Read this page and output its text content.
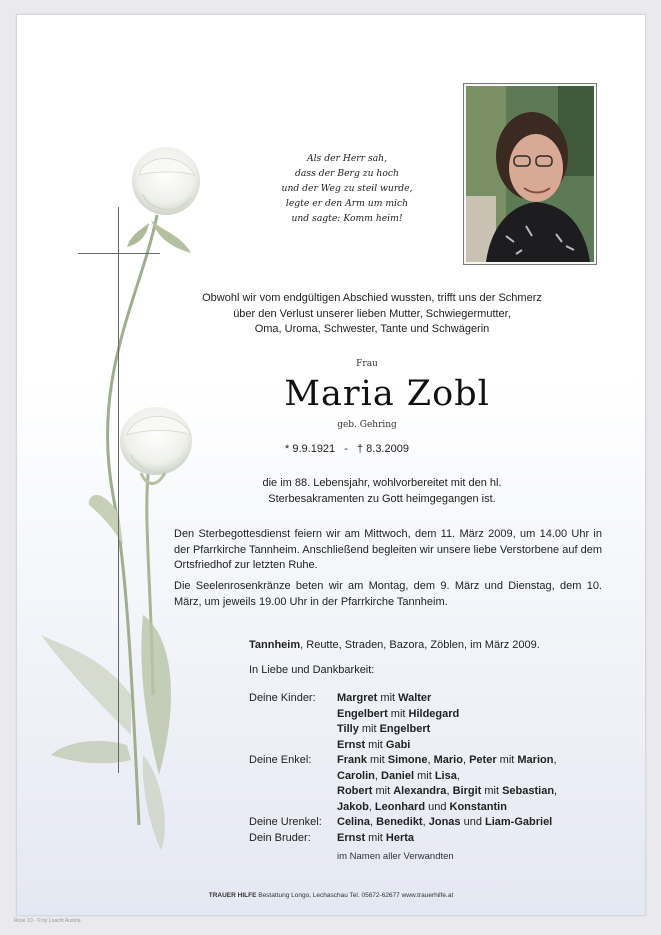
Als der Herr sah,
dass der Berg zu hoch
und der Weg zu steil wurde,
legte er den Arm um mich
und sagte: Komm heim!
Obwohl wir vom endgültigen Abschied wussten, trifft uns der Schmerz
über den Verlust unserer lieben Mutter, Schwiegermutter,
Oma, Uroma, Schwester, Tante und Schwägerin
Frau
Maria Zobl
geb. Gehring
* 9.9.1921 - † 8.3.2009
die im 88. Lebensjahr, wohlvorbereitet mit den hl.
Sterbesakramenten zu Gott heimgegangen ist.
Den Sterbegottesdienst feiern wir am Mittwoch, dem 11. März 2009, um 14.00 Uhr in der Pfarrkirche Tannheim. Anschließend begleiten wir unsere liebe Verstorbene auf dem Ortsfriedhof zur letzten Ruhe.
Die Seelenrosenkränze beten wir am Montag, dem 9. März und Dienstag, dem 10. März, um jeweils 19.00 Uhr in der Pfarrkirche Tannheim.
Tannheim, Reutte, Straden, Bazora, Zöblen, im März 2009.
In Liebe und Dankbarkeit:
Deine Kinder:	Margret mit Walter
Engelbert mit Hildegard
Tilly mit Engelbert
Ernst mit Gabi
Deine Enkel:	Frank mit Simone, Mario, Peter mit Marion,
Carolin, Daniel mit Lisa,
Robert mit Alexandra, Birgit mit Sebastian,
Jakob, Leonhard und Konstantin
Deine Urenkel:	Celina, Benedikt, Jonas und Liam-Gabriel
Dein Bruder:	Ernst mit Herta
im Namen aller Verwandten
TRAUER HILFE Bestattung Longo, Lechaschau Tel. 05672-62677 www.trauerhilfe.at
Rose 10 - © by Loacht Austria
